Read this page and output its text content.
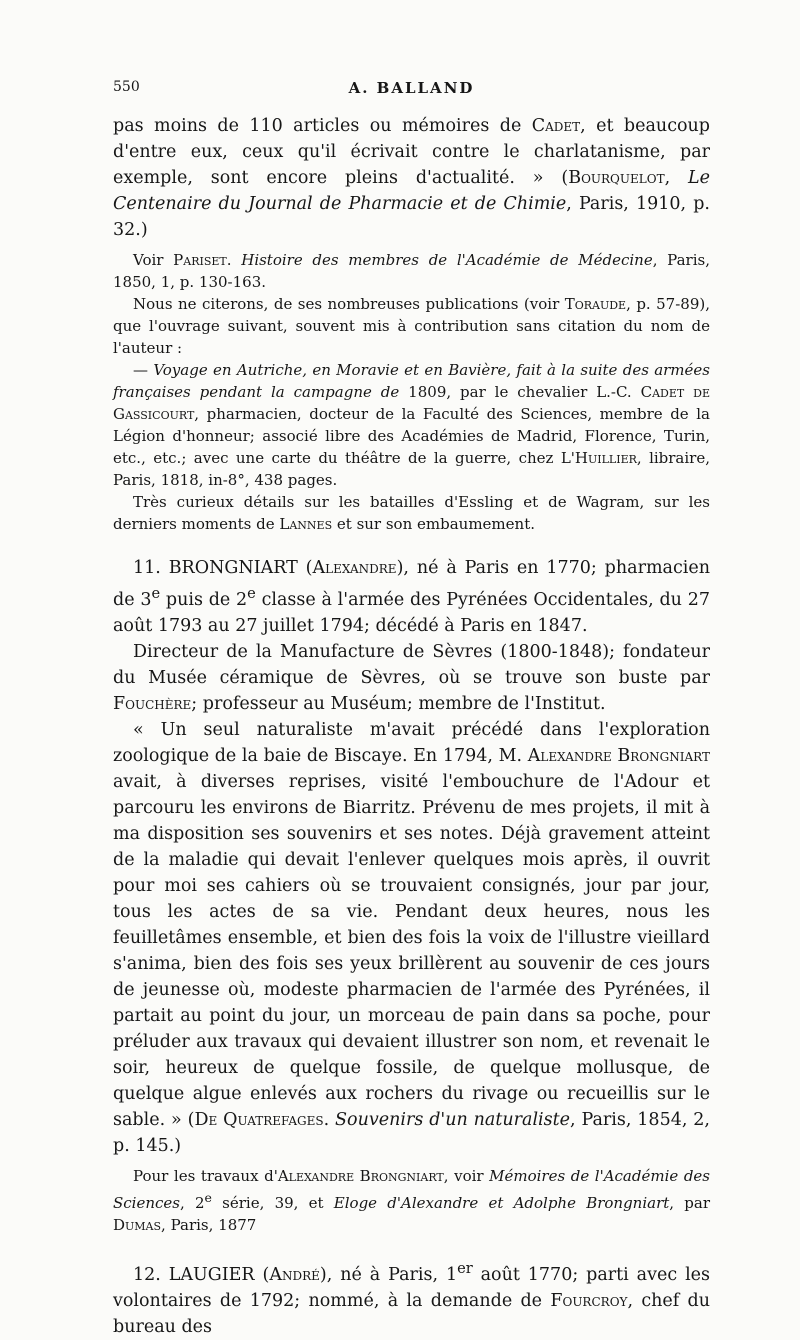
550	A. BALLAND

pas moins de 110 articles ou mémoires de Cadet, et beaucoup d'entre eux, ceux qu'il écrivait contre le charlatanisme, par exemple, sont encore pleins d'actualité. » (Bourquelot, Le Centenaire du Journal de Pharmacie et de Chimie, Paris, 1910, p. 32.)

Voir Pariset. Histoire des membres de l'Académie de Médecine, Paris, 1850, 1, p. 130-163.

Nous ne citerons, de ses nombreuses publications (voir Toraude, p. 57-89), que l'ouvrage suivant, souvent mis à contribution sans citation du nom de l'auteur :

— Voyage en Autriche, en Moravie et en Bavière, fait à la suite des armées françaises pendant la campagne de 1809, par le chevalier L.-C. Cadet de Gassicourt, pharmacien, docteur de la Faculté des Sciences, membre de la Légion d'honneur; associé libre des Académies de Madrid, Florence, Turin, etc., etc.; avec une carte du théâtre de la guerre, chez L'Huillier, libraire, Paris, 1818, in-8°, 438 pages.

Très curieux détails sur les batailles d'Essling et de Wagram, sur les derniers moments de Lannes et sur son embaumement.

11. BRONGNIART (Alexandre), né à Paris en 1770; pharmacien de 3e puis de 2e classe à l'armée des Pyrénées Occidentales, du 27 août 1793 au 27 juillet 1794; décédé à Paris en 1847.

Directeur de la Manufacture de Sèvres (1800-1848); fondateur du Musée céramique de Sèvres, où se trouve son buste par Fouchère; professeur au Muséum; membre de l'Institut.

« Un seul naturaliste m'avait précédé dans l'exploration zoologique de la baie de Biscaye. En 1794, M. Alexandre Brongniart avait, à diverses reprises, visité l'embouchure de l'Adour et parcouru les environs de Biarritz. Prévenu de mes projets, il mit à ma disposition ses souvenirs et ses notes. Déjà gravement atteint de la maladie qui devait l'enlever quelques mois après, il ouvrit pour moi ses cahiers où se trouvaient consignés, jour par jour, tous les actes de sa vie. Pendant deux heures, nous les feuilletâmes ensemble, et bien des fois la voix de l'illustre vieillard s'anima, bien des fois ses yeux brillèrent au souvenir de ces jours de jeunesse où, modeste pharmacien de l'armée des Pyrénées, il partait au point du jour, un morceau de pain dans sa poche, pour préluder aux travaux qui devaient illustrer son nom, et revenait le soir, heureux de quelque fossile, de quelque mollusque, de quelque algue enlevés aux rochers du rivage ou recueillis sur le sable. » (De Quatrefages. Souvenirs d'un naturaliste, Paris, 1854, 2, p. 145.)

Pour les travaux d'Alexandre Brongniart, voir Mémoires de l'Académie des Sciences, 2e série, 39, et Eloge d'Alexandre et Adolphe Brongniart, par Dumas, Paris, 1877

12. LAUGIER (André), né à Paris, 1er août 1770; parti avec les volontaires de 1792; nommé, à la demande de Fourcroy, chef du bureau des
